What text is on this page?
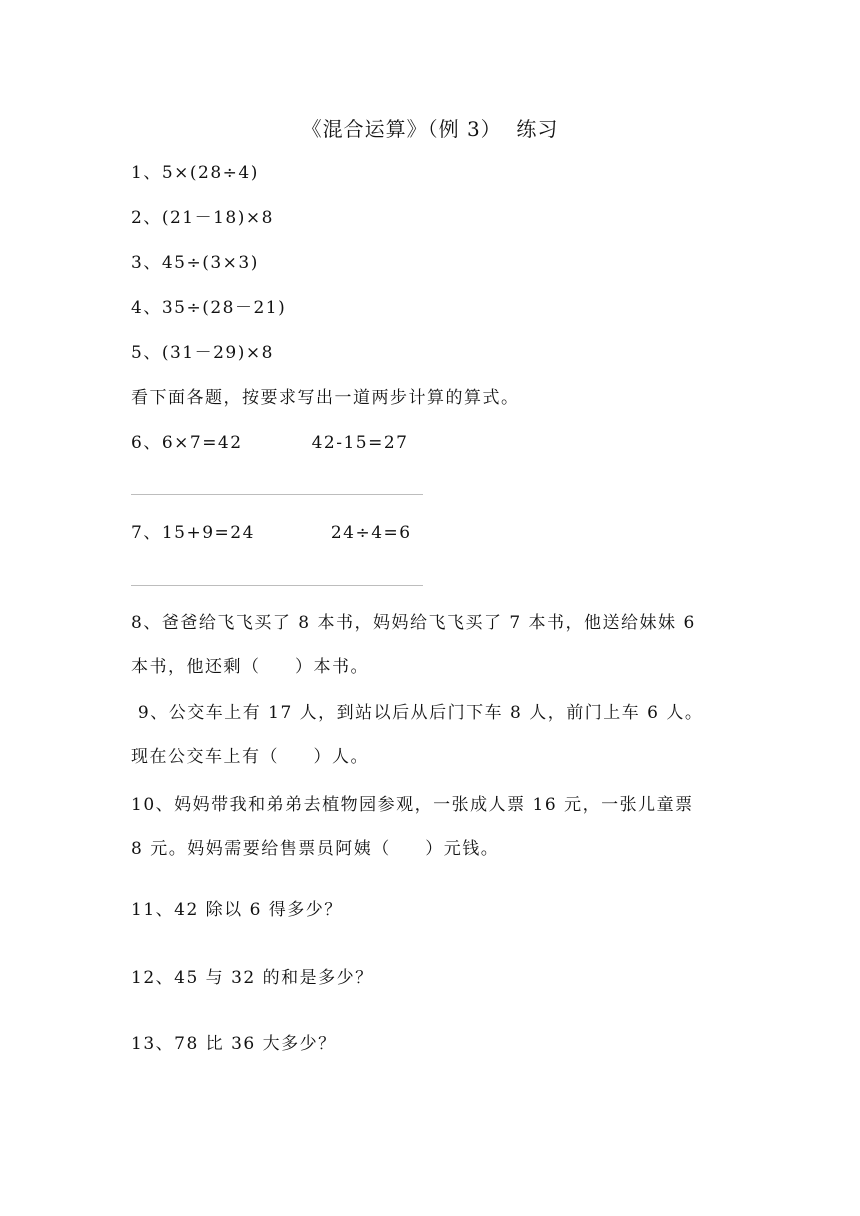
《混合运算》（例 3）  练习
1、5×(28÷4)
2、(21－18)×8
3、45÷(3×3)
4、35÷(28－21)
5、(31－29)×8
看下面各题，按要求写出一道两步计算的算式。
6、6×7=42          42-15=27
7、15+9=24           24÷4=6
8、爸爸给飞飞买了 8 本书，妈妈给飞飞买了 7 本书，他送给妹妹 6
本书，他还剩（     ）本书。
9、公交车上有 17 人，到站以后从后门下车 8 人，前门上车 6 人。
现在公交车上有（     ）人。
10、妈妈带我和弟弟去植物园参观，一张成人票 16 元，一张儿童票
8 元。妈妈需要给售票员阿姨（     ）元钱。
11、42 除以 6 得多少？
12、45 与 32 的和是多少？
13、78 比 36 大多少？
